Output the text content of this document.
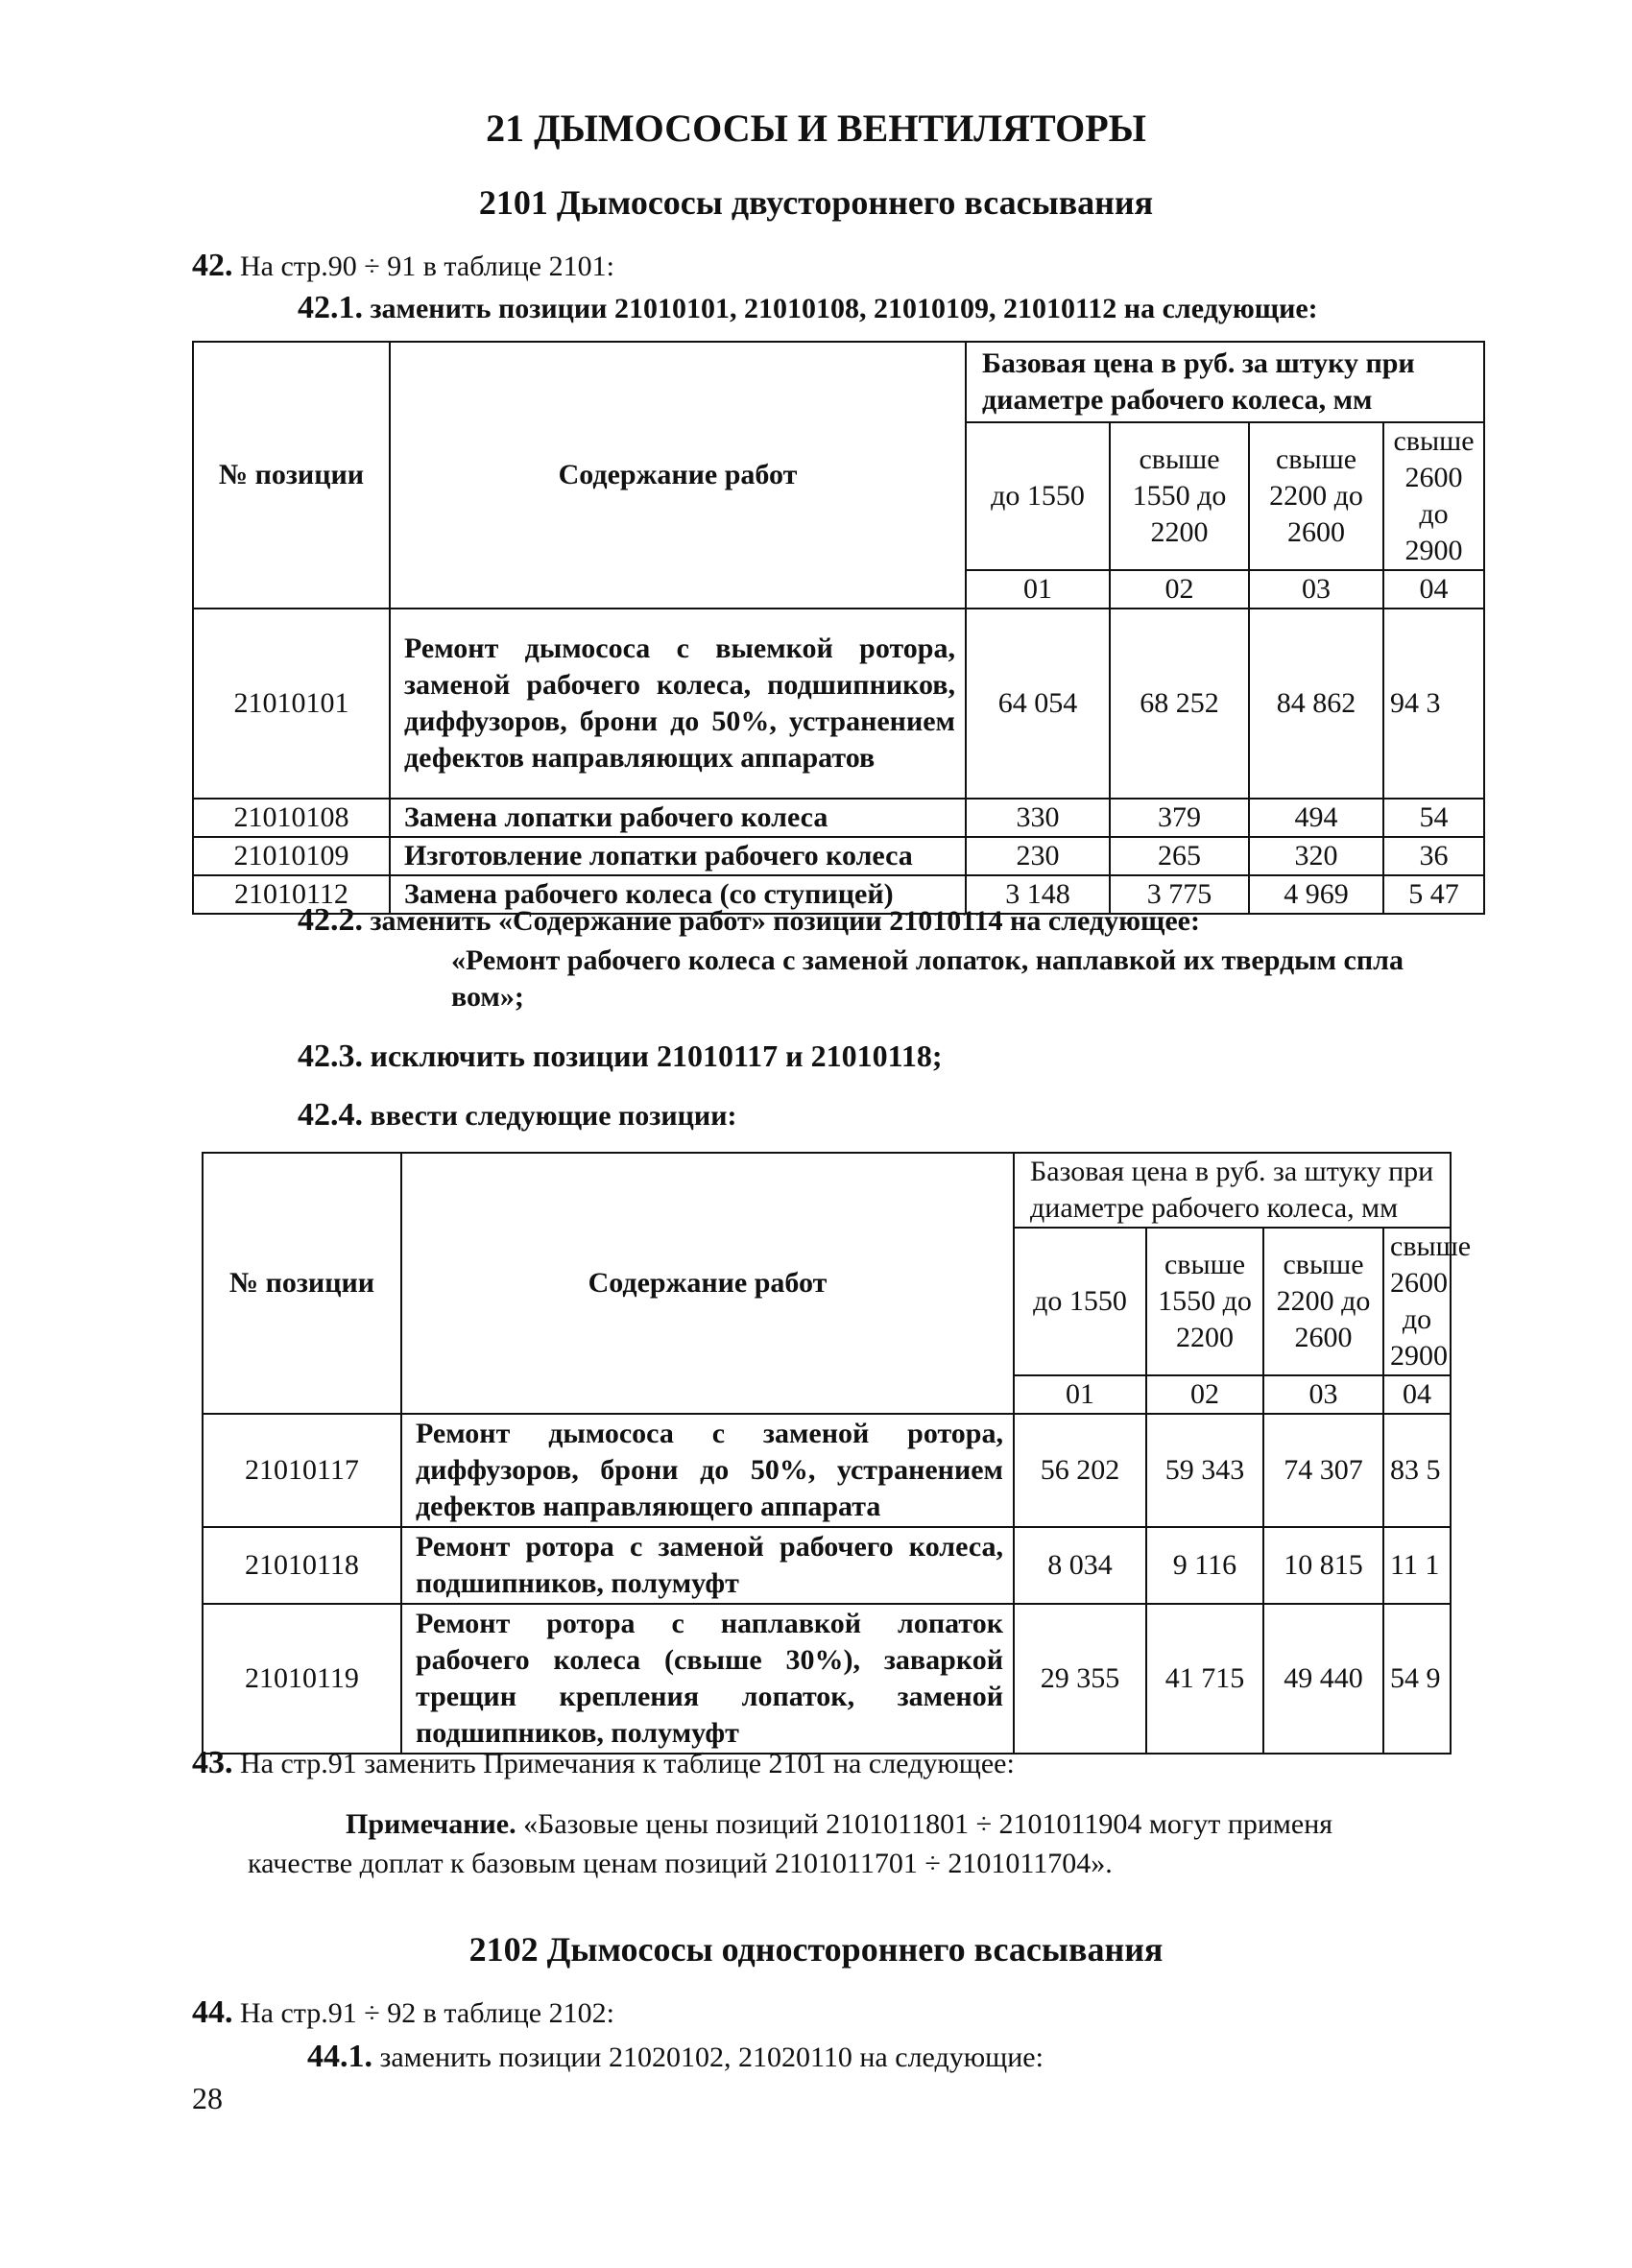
21 ДЫМОСОСЫ И ВЕНТИЛЯТОРЫ
2101 Дымососы двустороннего всасывания
42. На стр.90 ÷ 91 в таблице 2101:
42.1. заменить позиции 21010101, 21010108, 21010109, 21010112 на следующие:
№ позиции	Содержание работ	Базовая цена в руб. за штуку при диаметре рабочего колеса, мм			
		до 1550	свыше 1550 до 2200	свыше 2200 до 2600	свыше 2600 до 2900
		01	02	03	04
21010101	Ремонт дымососа с выемкой ротора, заменой рабочего колеса, подшипников, диффузоров, брони до 50%, устранением дефектов направляющих аппаратов	64 054	68 252	84 862	94 3
21010108	Замена лопатки рабочего колеса	330	379	494	54
21010109	Изготовление лопатки рабочего колеса	230	265	320	36
21010112	Замена рабочего колеса (со ступицей)	3 148	3 775	4 969	5 47
42.2. заменить «Содержание работ» позиции 21010114 на следующее:
«Ремонт рабочего колеса с заменой лопаток, наплавкой их твердым спла
вом»;
42.3. исключить позиции 21010117 и 21010118;
42.4. ввести следующие позиции:
№ позиции	Содержание работ	Базовая цена в руб. за штуку при диаметре рабочего колеса, мм			
		до 1550	свыше 1550 до 2200	свыше 2200 до 2600	свыше 2600 до 2900
		01	02	03	04
21010117	Ремонт дымососа с заменой ротора, диффузоров, брони до 50%, устранением дефектов направляющего аппарата	56 202	59 343	74 307	83 5
21010118	Ремонт ротора с заменой рабочего колеса, подшипников, полумуфт	8 034	9 116	10 815	11 1
21010119	Ремонт ротора с наплавкой лопаток рабочего колеса (свыше 30%), заваркой трещин крепления лопаток, заменой подшипников, полумуфт	29 355	41 715	49 440	54 9
43. На стр.91 заменить Примечания к таблице 2101 на следующее:
Примечание. «Базовые цены позиций 2101011801 ÷ 2101011904 могут применя
качестве доплат к базовым ценам позиций 2101011701 ÷ 2101011704».
2102 Дымососы одностороннего всасывания
44. На стр.91 ÷ 92 в таблице 2102:
44.1. заменить позиции 21020102, 21020110 на следующие:
28
